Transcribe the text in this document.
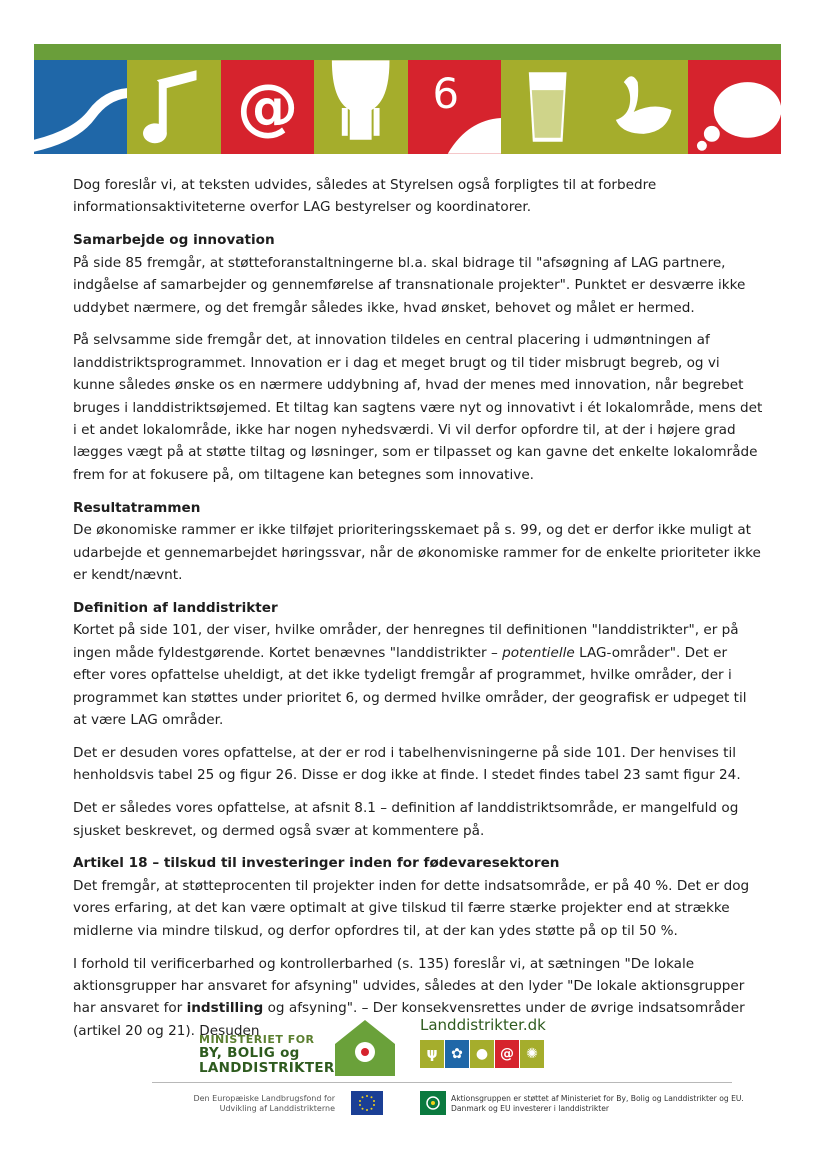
@	6

Dog foreslår vi, at teksten udvides, således at Styrelsen også forpligtes til at forbedre informationsaktiviteterne overfor LAG bestyrelser og koordinatorer.

Samarbejde og innovation
På side 85 fremgår, at støtteforanstaltningerne bl.a. skal bidrage til "afsøgning af LAG partnere, indgåelse af samarbejder og gennemførelse af transnationale projekter". Punktet er desværre ikke uddybet nærmere, og det fremgår således ikke, hvad ønsket, behovet og målet er hermed.

På selvsamme side fremgår det, at innovation tildeles en central placering i udmøntningen af landdistriktsprogrammet. Innovation er i dag et meget brugt og til tider misbrugt begreb, og vi kunne således ønske os en nærmere uddybning af, hvad der menes med innovation, når begrebet bruges i landdistriktsøjemed. Et tiltag kan sagtens være nyt og innovativt i ét lokalområde, mens det i et andet lokalområde, ikke har nogen nyhedsværdi. Vi vil derfor opfordre til, at der i højere grad lægges vægt på at støtte tiltag og løsninger, som er tilpasset og kan gavne det enkelte lokalområde frem for at fokusere på, om tiltagene kan betegnes som innovative.

Resultatrammen
De økonomiske rammer er ikke tilføjet prioriteringsskemaet på s. 99, og det er derfor ikke muligt at udarbejde et gennemarbejdet høringssvar, når de økonomiske rammer for de enkelte prioriteter ikke er kendt/nævnt.
Definition af landdistrikter
Kortet på side 101, der viser, hvilke områder, der henregnes til definitionen "landdistrikter", er på ingen måde fyldestgørende. Kortet benævnes "landdistrikter – potentielle LAG-områder". Det er efter vores opfattelse uheldigt, at det ikke tydeligt fremgår af programmet, hvilke områder, der i programmet kan støttes under prioritet 6, og dermed hvilke områder, der geografisk er udpeget til at være LAG områder.

Det er desuden vores opfattelse, at der er rod i tabelhenvisningerne på side 101. Der henvises til henholdsvis tabel 25 og figur 26. Disse er dog ikke at finde. I stedet findes tabel 23 samt figur 24.

Det er således vores opfattelse, at afsnit 8.1 – definition af landdistriktsområde, er mangelfuld og sjusket beskrevet, og dermed også svær at kommentere på.

Artikel 18 – tilskud til investeringer inden for fødevaresektoren
Det fremgår, at støtteprocenten til projekter inden for dette indsatsområde, er på 40 %. Det er dog vores erfaring, at det kan være optimalt at give tilskud til færre stærke projekter end at strække midlerne via mindre tilskud, og derfor opfordres til, at der kan ydes støtte på op til 50 %.

I forhold til verificerbarhed og kontrollerbarhed (s. 135) foreslår vi, at sætningen "De lokale aktionsgrupper har ansvaret for afsyning" udvides, således at den lyder "De lokale aktionsgrupper har ansvaret for indstilling og afsyning". – Der konsekvensrettes under de øvrige indsatsområder (artikel 20 og 21). Desuden

MINISTERIET FOR
BY, BOLIG og
LANDDISTRIKTER
Landdistrikter.dk
ψ ✿ ● @ ✺
Den Europæiske Landbrugsfond for
Udvikling af Landdistrikterne
Aktionsgruppen er støttet af Ministeriet for By, Bolig og Landdistrikter og EU.
Danmark og EU investerer i landdistrikter
